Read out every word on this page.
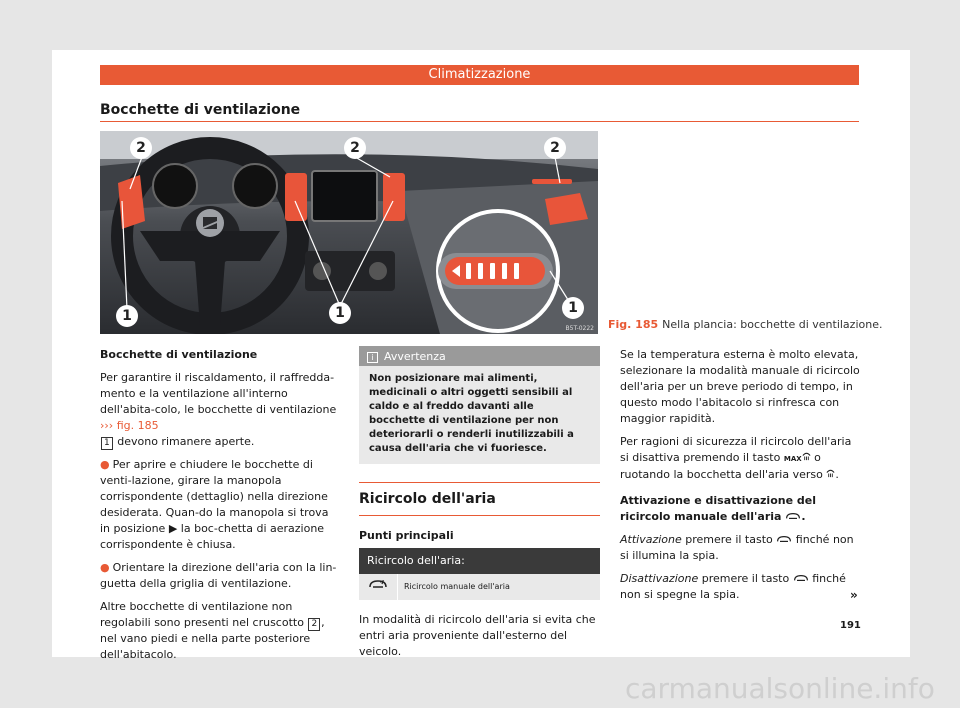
Climatizzazione
Bocchette di ventilazione
2	2	2
1	1	1
B5T-0222 Fig. 185 Nella plancia: bocchette di ventilazione.

Bocchette di ventilazione

Per garantire il riscaldamento, il raffredda-mento e la ventilazione all'interno dell'abita-colo, le bocchette di ventilazione ››› fig. 185
1 devono rimanere aperte.

● Per aprire e chiudere le bocchette di venti-lazione, girare la manopola corrispondente (dettaglio) nella direzione desiderata. Quan-do la manopola si trova in posizione ▶ la boc-chetta di aerazione corrispondente è chiusa.

● Orientare la direzione dell'aria con la lin-guetta della griglia di ventilazione.

Altre bocchette di ventilazione non regolabili sono presenti nel cruscotto 2 , nel vano piedi e nella parte posteriore dell'abitacolo.

i Avvertenza
Non posizionare mai alimenti, medicinali o altri oggetti sensibili al caldo e al freddo davanti alle bocchette di ventilazione per non deteriorarli o renderli inutilizzabili a causa dell'aria che vi fuoriesce.
Ricircolo dell'aria

Punti principali

Ricircolo dell'aria:
Ricircolo manuale dell'aria

In modalità di ricircolo dell'aria si evita che entri aria proveniente dall'esterno del veicolo.

Se la temperatura esterna è molto elevata, selezionare la modalità manuale di ricircolo dell'aria per un breve periodo di tempo, in questo modo l'abitacolo si rinfresca con maggior rapidità.

Per ragioni di sicurezza il ricircolo dell'aria si disattiva premendo il tasto MAX o ruotando la bocchetta dell'aria verso .

Attivazione e disattivazione del ricircolo manuale dell'aria .

Attivazione premere il tasto  finché non si illumina la spia.

Disattivazione premere il tasto  finché non si spegne la spia.	»
191
carmanualsonline.info
